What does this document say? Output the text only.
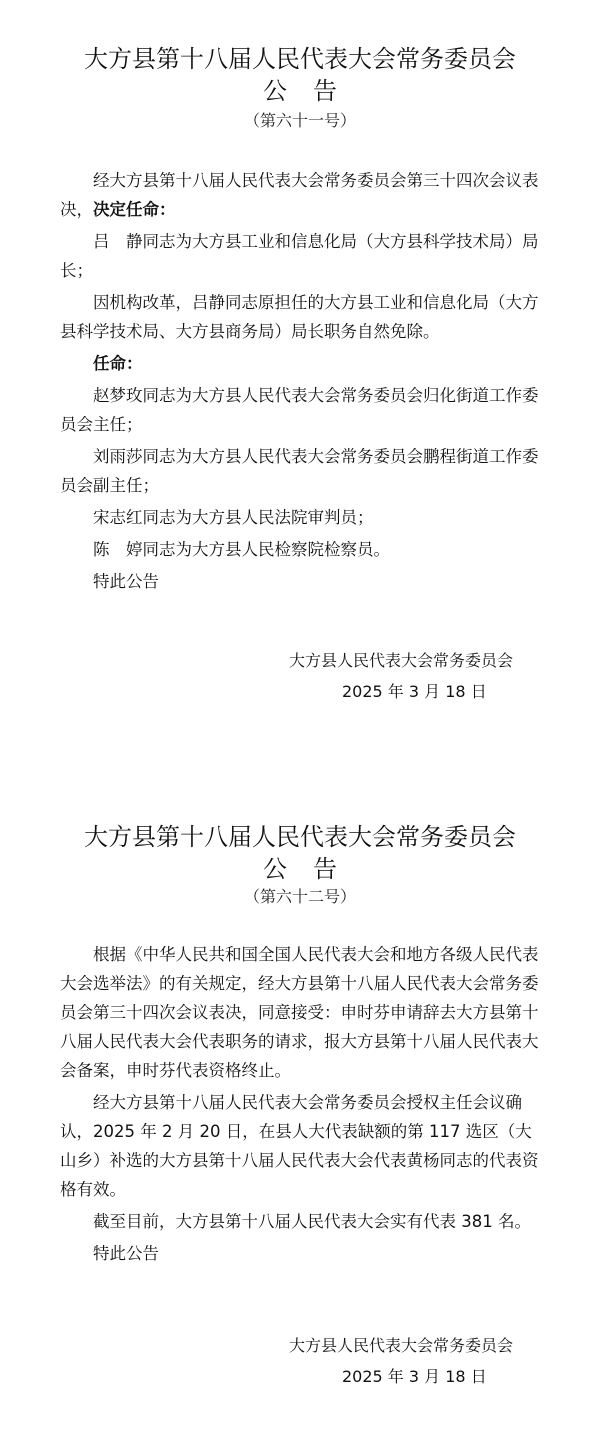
大方县第十八届人民代表大会常务委员会
公告
（第六十一号）

经大方县第十八届人民代表大会常务委员会第三十四次会议表决，决定任命：

吕　静同志为大方县工业和信息化局（大方县科学技术局）局长；

因机构改革，吕静同志原担任的大方县工业和信息化局（大方县科学技术局、大方县商务局）局长职务自然免除。

任命：

赵梦玫同志为大方县人民代表大会常务委员会归化街道工作委员会主任；

刘雨莎同志为大方县人民代表大会常务委员会鹏程街道工作委员会副主任；

宋志红同志为大方县人民法院审判员；

陈　婷同志为大方县人民检察院检察员。

特此公告

大方县人民代表大会常务委员会
2025 年 3 月 18 日
大方县第十八届人民代表大会常务委员会
公告
（第六十二号）

根据《中华人民共和国全国人民代表大会和地方各级人民代表大会选举法》的有关规定，经大方县第十八届人民代表大会常务委员会第三十四次会议表决，同意接受：申时芬申请辞去大方县第十八届人民代表大会代表职务的请求，报大方县第十八届人民代表大会备案，申时芬代表资格终止。

经大方县第十八届人民代表大会常务委员会授权主任会议确认，2025 年 2 月 20 日，在县人大代表缺额的第 117 选区（大山乡）补选的大方县第十八届人民代表大会代表黄杨同志的代表资格有效。

截至目前，大方县第十八届人民代表大会实有代表 381 名。

特此公告

大方县人民代表大会常务委员会
2025 年 3 月 18 日
